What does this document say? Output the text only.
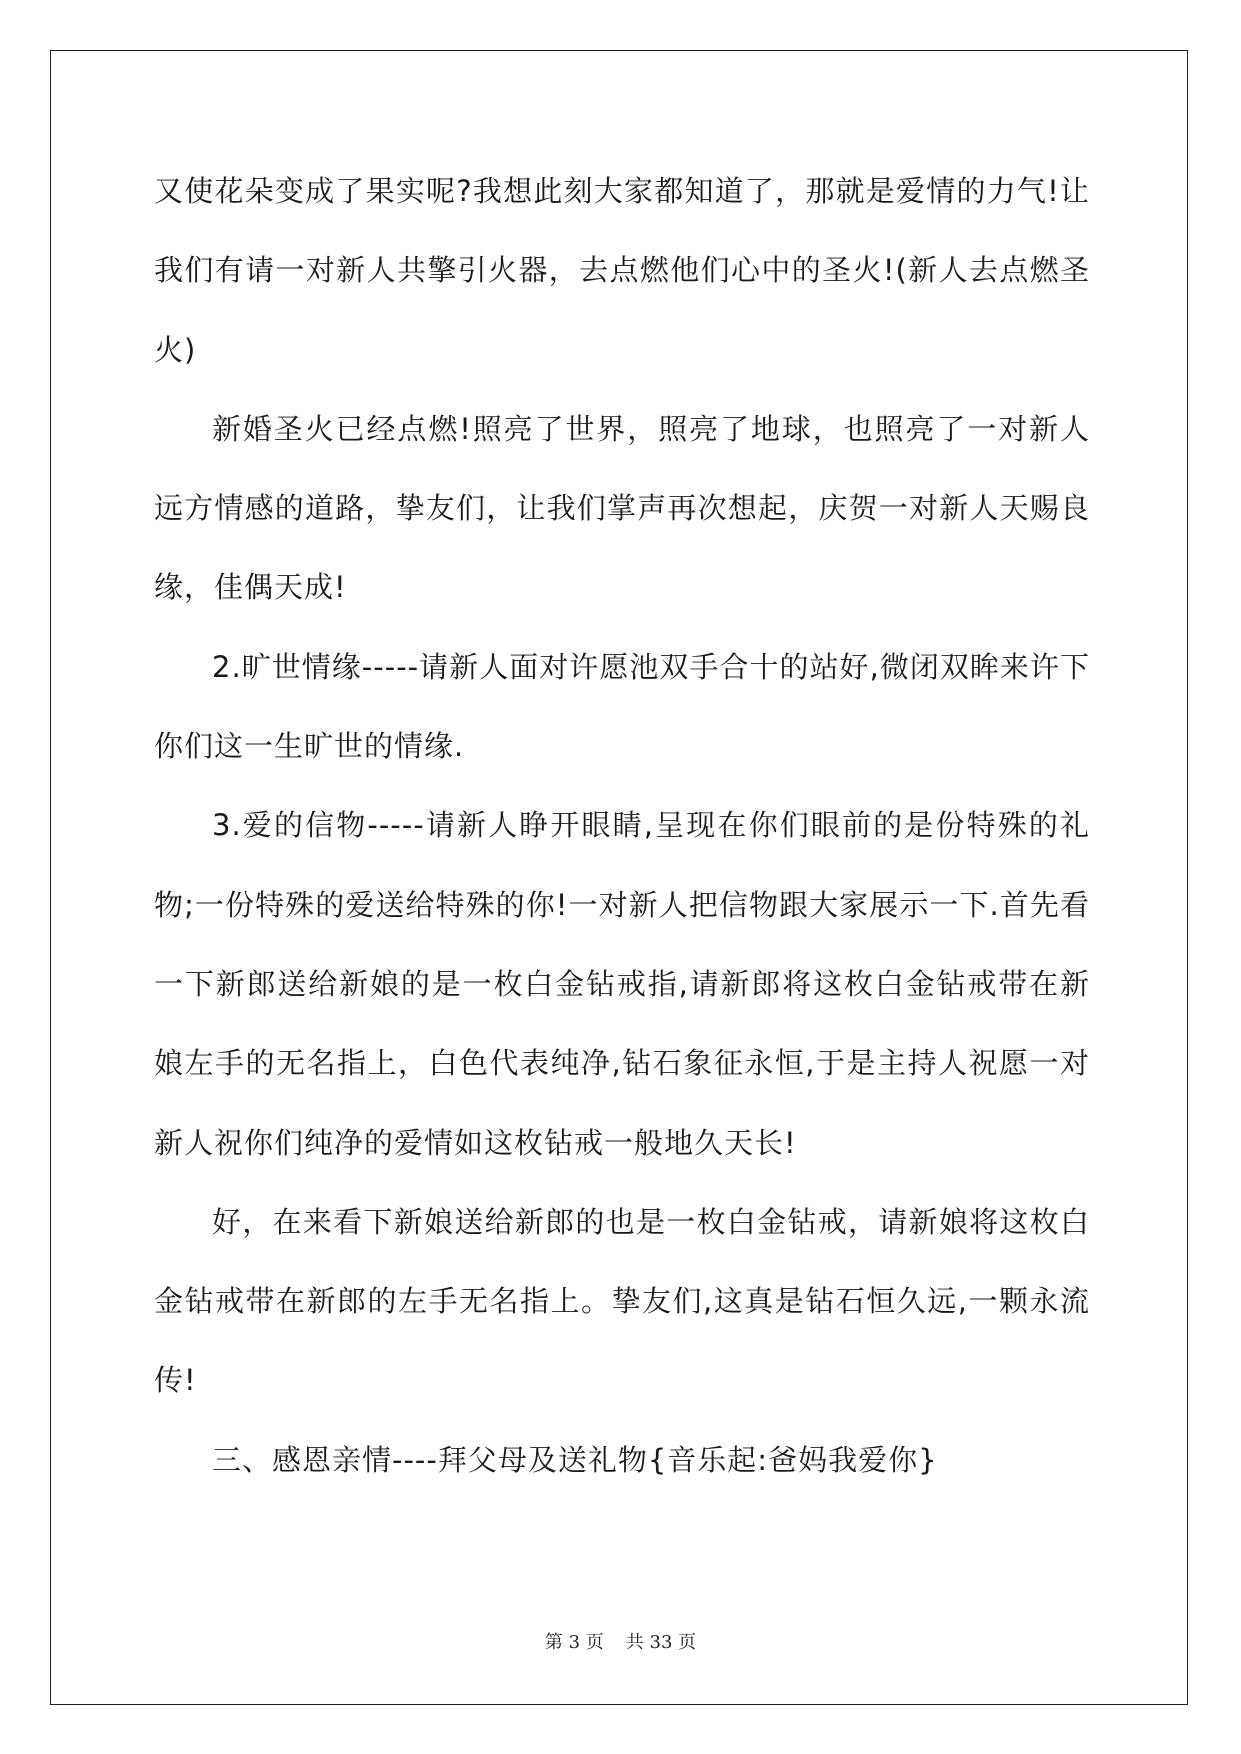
又使花朵变成了果实呢?我想此刻大家都知道了，那就是爱情的力气!让我们有请一对新人共擎引火器，去点燃他们心中的圣火!(新人去点燃圣火)

新婚圣火已经点燃!照亮了世界，照亮了地球，也照亮了一对新人远方情感的道路，挚友们，让我们掌声再次想起，庆贺一对新人天赐良缘，佳偶天成!

2.旷世情缘-----请新人面对许愿池双手合十的站好,微闭双眸来许下你们这一生旷世的情缘.

3.爱的信物-----请新人睁开眼睛,呈现在你们眼前的是份特殊的礼物;一份特殊的爱送给特殊的你!一对新人把信物跟大家展示一下.首先看一下新郎送给新娘的是一枚白金钻戒指,请新郎将这枚白金钻戒带在新娘左手的无名指上，白色代表纯净,钻石象征永恒,于是主持人祝愿一对新人祝你们纯净的爱情如这枚钻戒一般地久天长!

好，在来看下新娘送给新郎的也是一枚白金钻戒，请新娘将这枚白金钻戒带在新郎的左手无名指上。挚友们,这真是钻石恒久远,一颗永流传!

三、感恩亲情----拜父母及送礼物{音乐起:爸妈我爱你}

第 3 页 共 33 页
